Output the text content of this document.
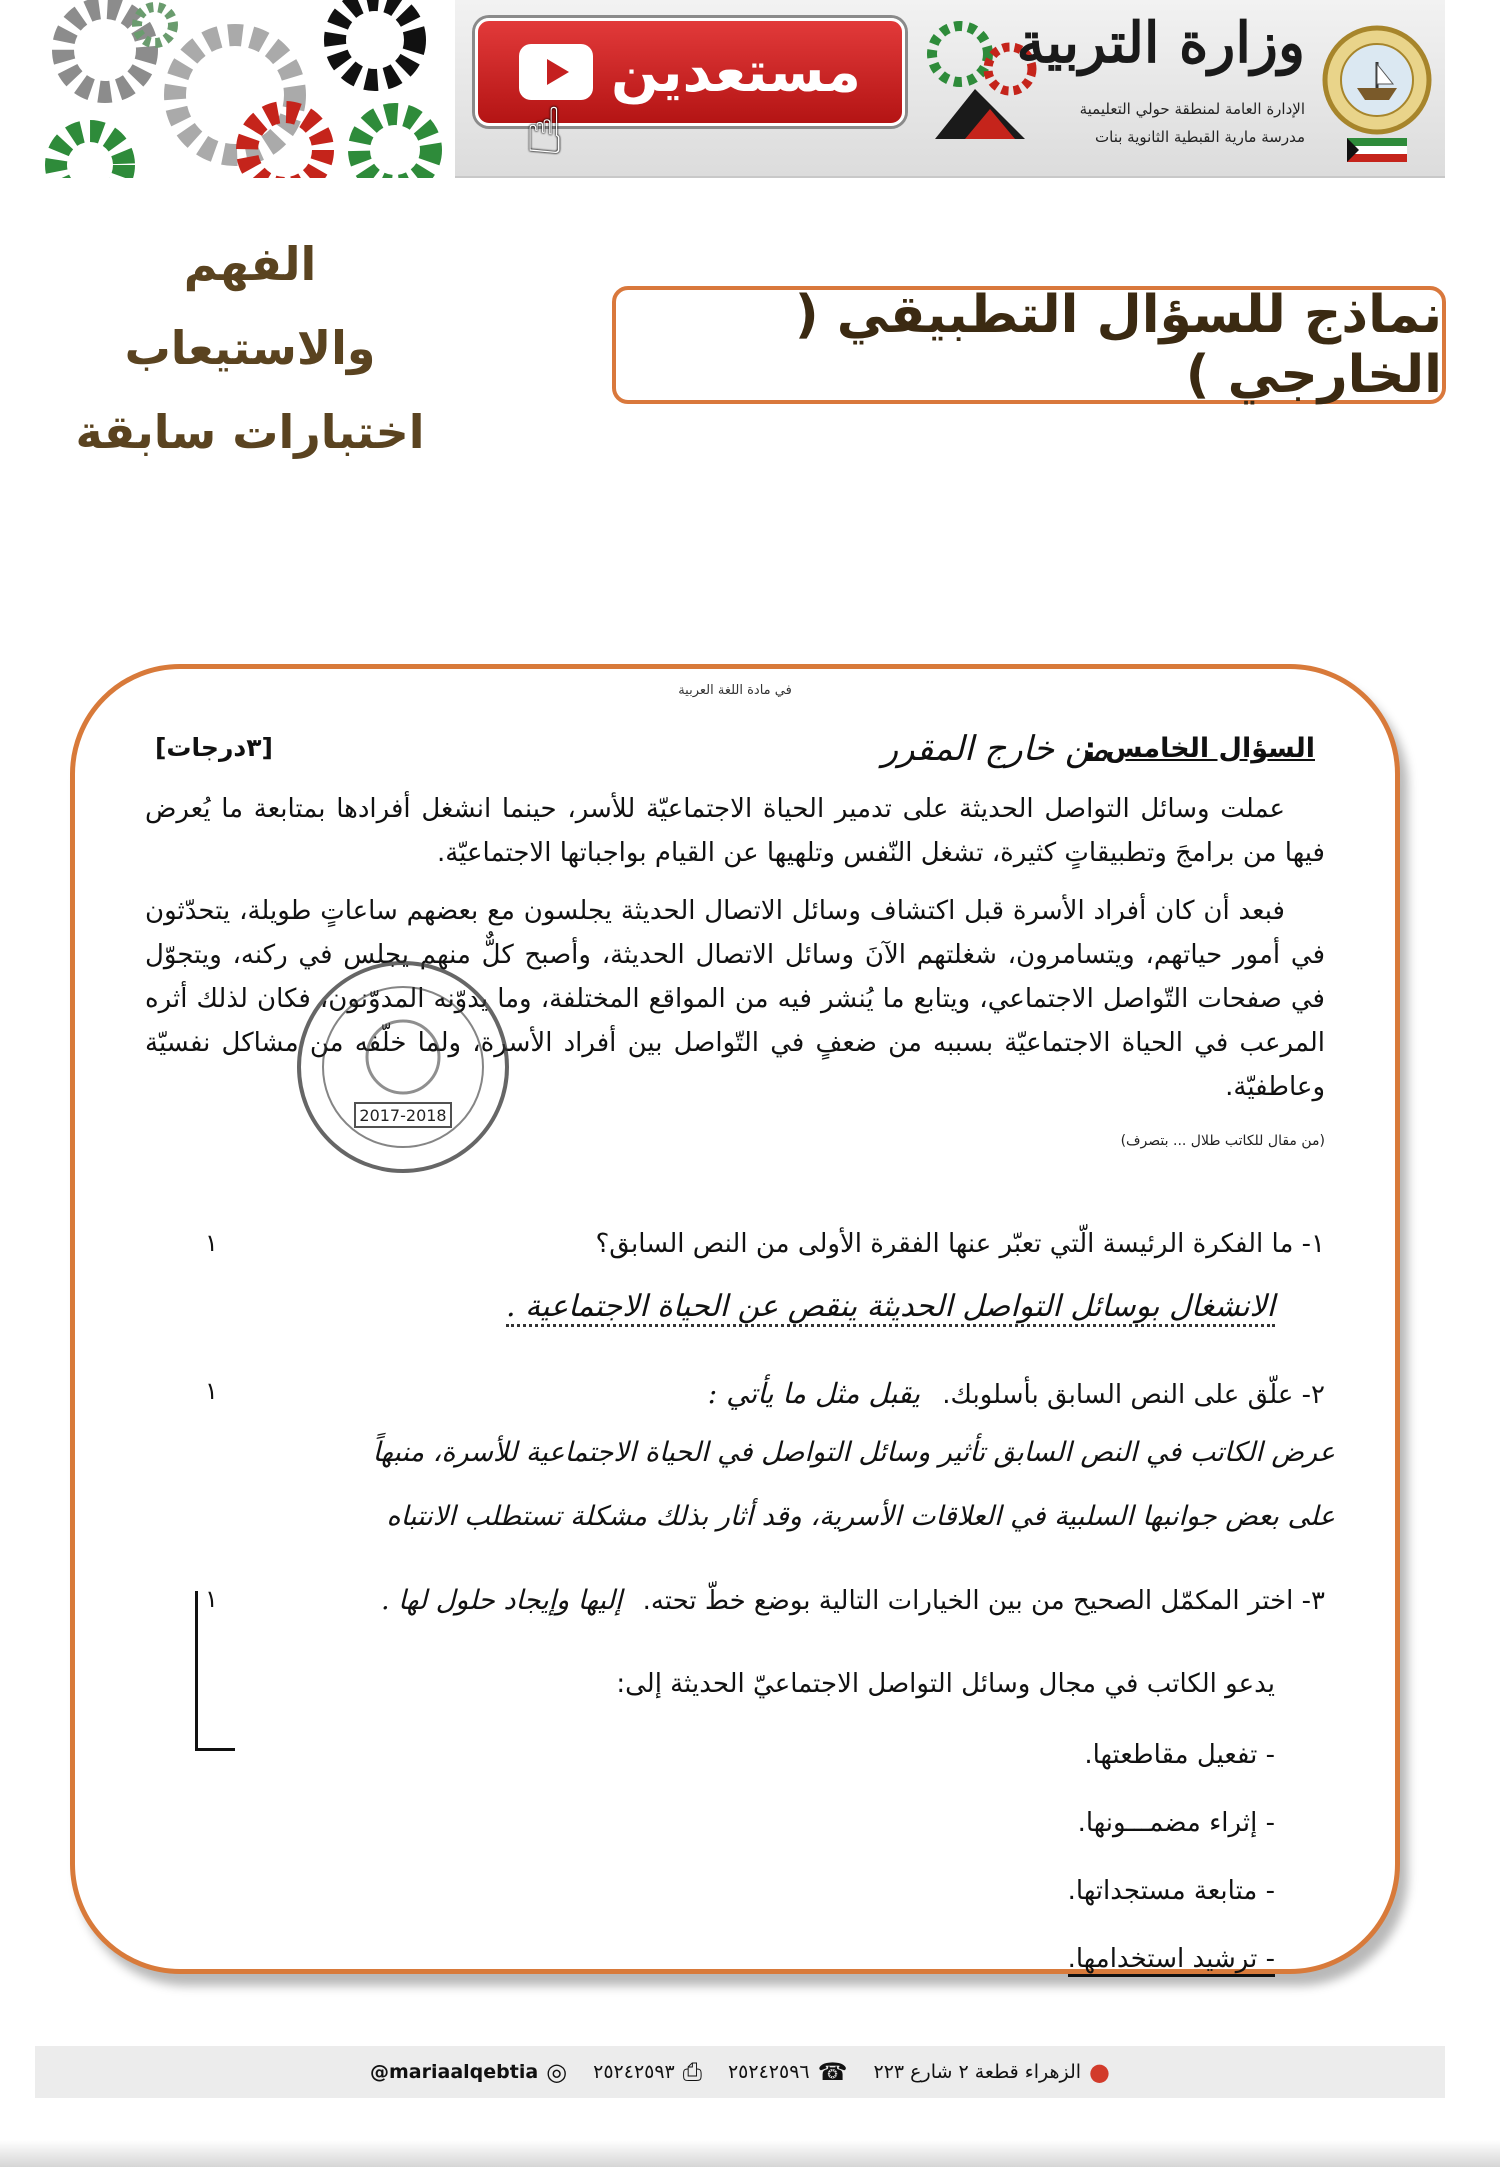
مستعدين
☝
وزارة التربية
الإدارة العامة لمنطقة حولي التعليمية
مدرسة مارية القبطية الثانوية بنات
الفهم والاستيعاب
اختبارات سابقة
نماذج للسؤال التطبيقي ( الخارجي )
في مادة اللغة العربية
السؤال الخامس :
من خارج المقرر
[٣درجات]

عملت وسائل التواصل الحديثة على تدمير الحياة الاجتماعيّة للأسر، حينما انشغل أفرادها بمتابعة ما يُعرض فيها من برامجَ وتطبيقاتٍ كثيرة، تشغل النّفس وتلهيها عن القيام بواجباتها الاجتماعيّة.

فبعد أن كان أفراد الأسرة قبل اكتشاف وسائل الاتصال الحديثة يجلسون مع بعضهم ساعاتٍ طويلة، يتحدّثون في أمور حياتهم، ويتسامرون، شغلتهم الآنَ وسائل الاتصال الحديثة، وأصبح كلٌّ منهم يجلس في ركنه، ويتجوّل في صفحات التّواصل الاجتماعي، ويتابع ما يُنشر فيه من المواقع المختلفة، وما يدوّنه المدوّنون، فكان لذلك أثره المرعب في الحياة الاجتماعيّة بسببه من ضعفٍ في التّواصل بين أفراد الأسرة، ولما خلّفه من مشاكل نفسيّة وعاطفيّة.

2017-2018
(من مقال للكاتب طلال ... بتصرف)
١- ما الفكرة الرئيسة الّتي تعبّر عنها الفقرة الأولى من النص السابق؟
١
الانشغال بوسائل التواصل الحديثة ينقص عن الحياة الاجتماعية .
٢- علّق على النص السابق بأسلوبك. يقبل مثل ما يأتي :
١
عرض الكاتب في النص السابق تأثير وسائل التواصل في الحياة الاجتماعية للأسرة، منبهاً
على بعض جوانبها السلبية في العلاقات الأسرية، وقد أثار بذلك مشكلة تستطلب الانتباه
٣- اختر المكمّل الصحيح من بين الخيارات التالية بوضع خطّ تحته. إليها وإيجاد حلول لها .
١
يدعو الكاتب في مجال وسائل التواصل الاجتماعيّ الحديثة إلى:
- تفعيل مقاطعتها.
- إثراء مضمـــونها.
- متابعة مستجداتها.
- ترشيد استخدامها.
●
الزهراء قطعة ٢ شارع ٢٢٣
☎
٢٥٢٤٢٥٩٦
⎙
٢٥٢٤٢٥٩٣
◎
@mariaalqebtia
